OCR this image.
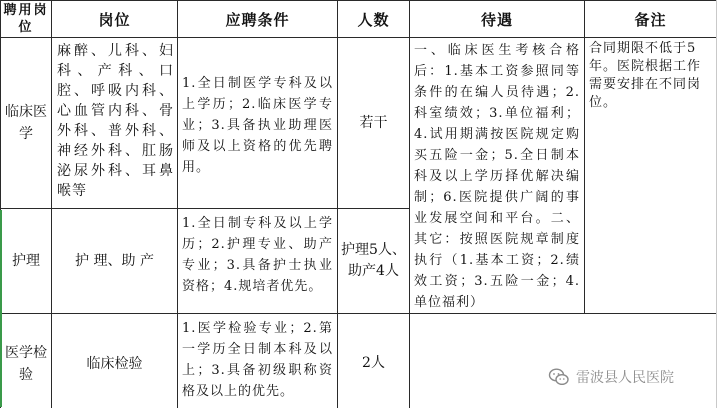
聘用岗位	岗位	应聘条件	人数	待遇	备注
临床医学	麻醉、儿科、妇科、产科、口腔、呼吸内科、心血管内科、骨外科、普外科、神经外科、肛肠泌尿外科、耳鼻喉等	1.全日制医学专科及以上学历；2.临床医学专业；3.具备执业助理医师及以上资格的优先聘用。	若干	一、临床医生考核合格后：1.基本工资参照同等条件的在编人员待遇；2.科室绩效；3.单位福利；4.试用期满按医院规定购买五险一金；5.全日制本科及以上学历择优解决编制；6.医院提供广阔的事业发展空间和平台。二、其它：按照医院规章制度执行（1.基本工资；2.绩效工资；3.五险一金；4.单位福利）	合同期限不低于5年。医院根据工作需要安排在不同岗位。
护理	护 理、助 产	1.全日制专科及以上学历；2.护理专业、助产专业；3.具备护士执业资格；4.规培者优先。	护理5人、助产4人		
医学检验	临床检验	1.医学检验专业；2.第一学历全日制本科及以上；3.具备初级职称资格及以上的优先。	2人		
雷波县人民医院
